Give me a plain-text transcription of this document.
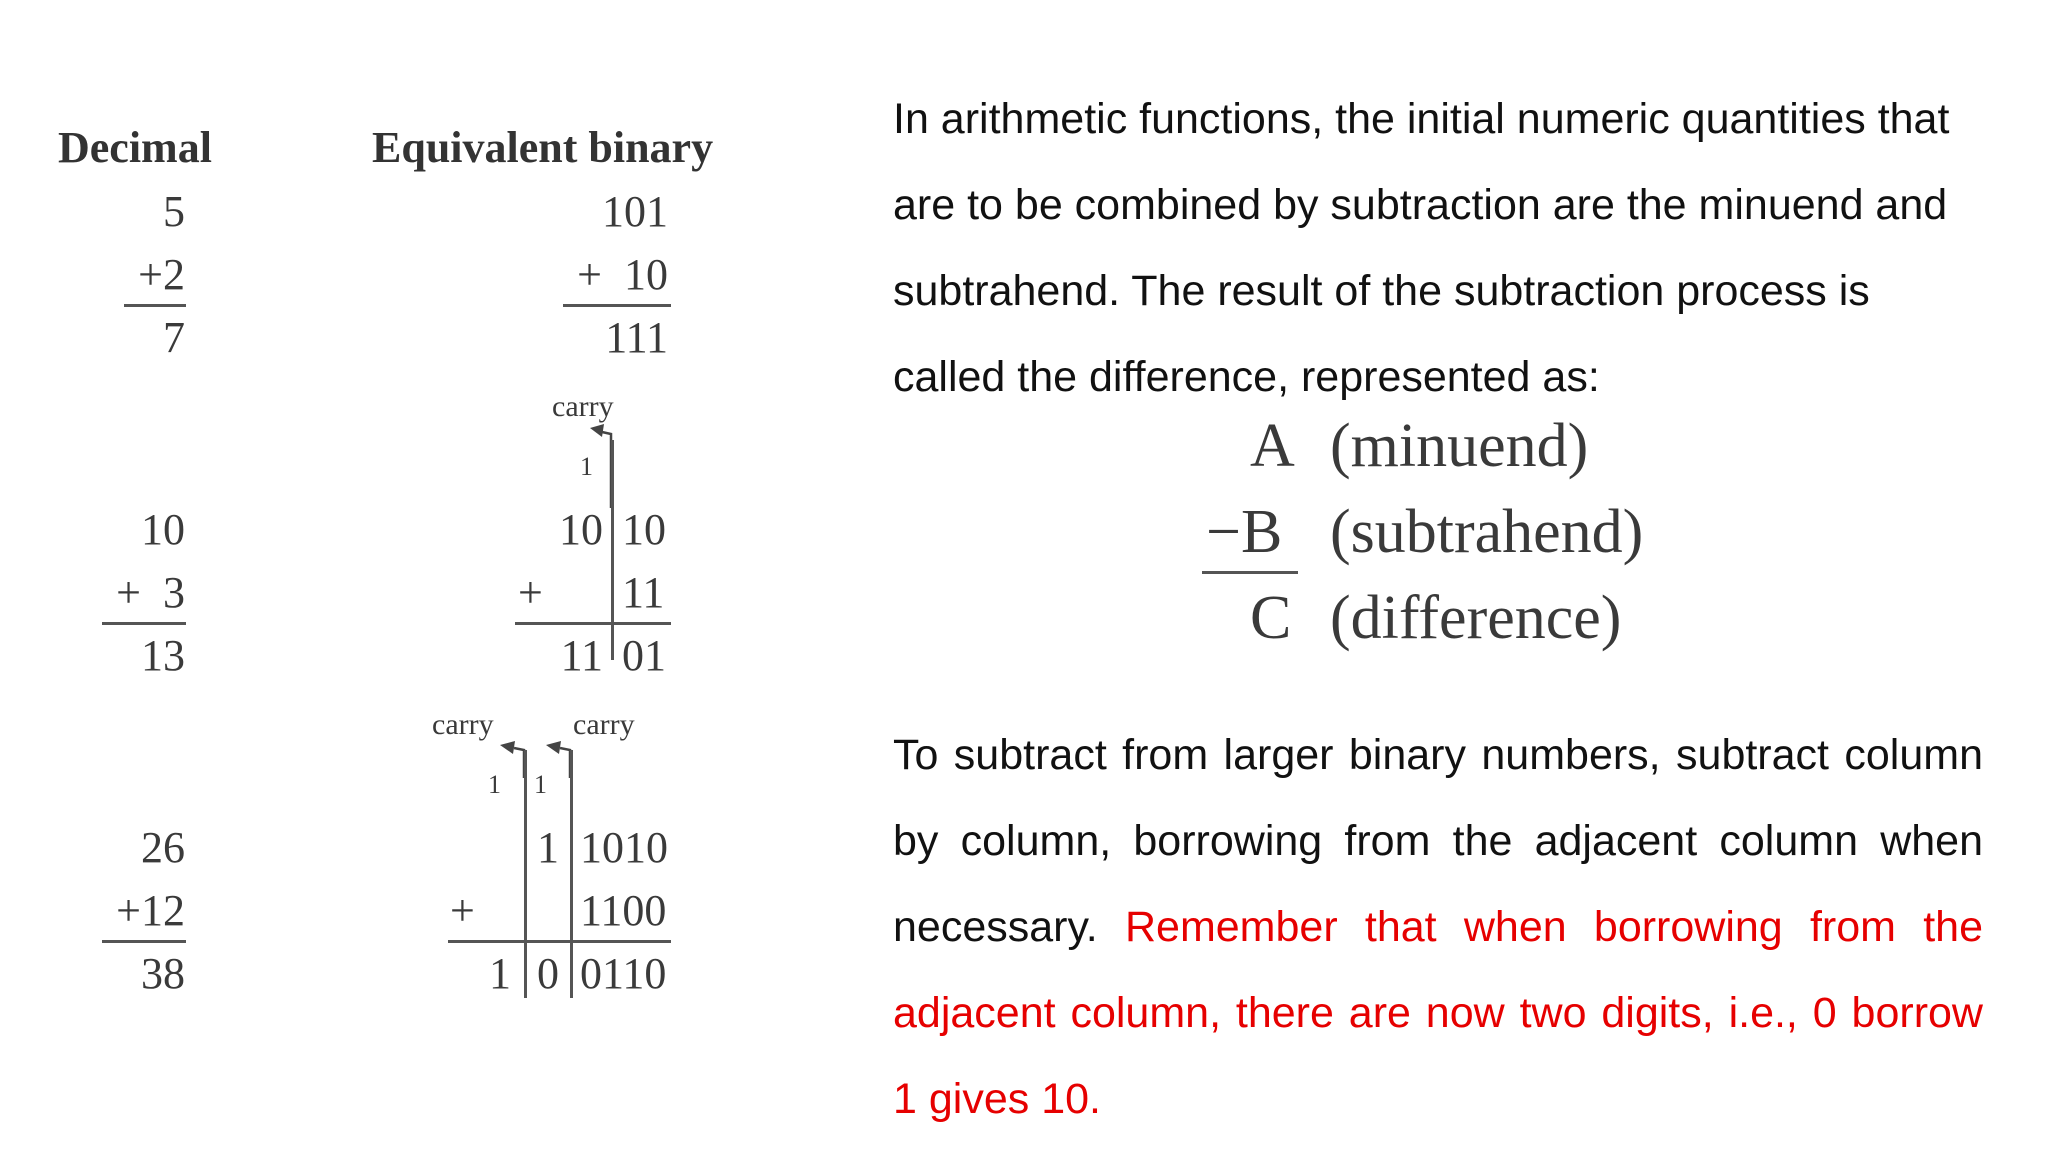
Decimal	Equivalent binary
5
+2
7
101
+  10
111
carry
1
10
+  3
13
10 10
+ 11
11 01
carry	carry
1 1
26
+12
38
1 1010
+ 1100
1 0 0110
In arithmetic functions, the initial numeric quantities that are to be combined by subtraction are the minuend and subtrahend. The result of the subtraction process is called the difference, represented as:
A (minuend)
−B (subtrahend)
C (difference)
To subtract from larger binary numbers, subtract column by column, borrowing from the adjacent column when necessary. Remember that when borrowing from the adjacent column, there are now two digits, i.e., 0 borrow 1 gives 10.
